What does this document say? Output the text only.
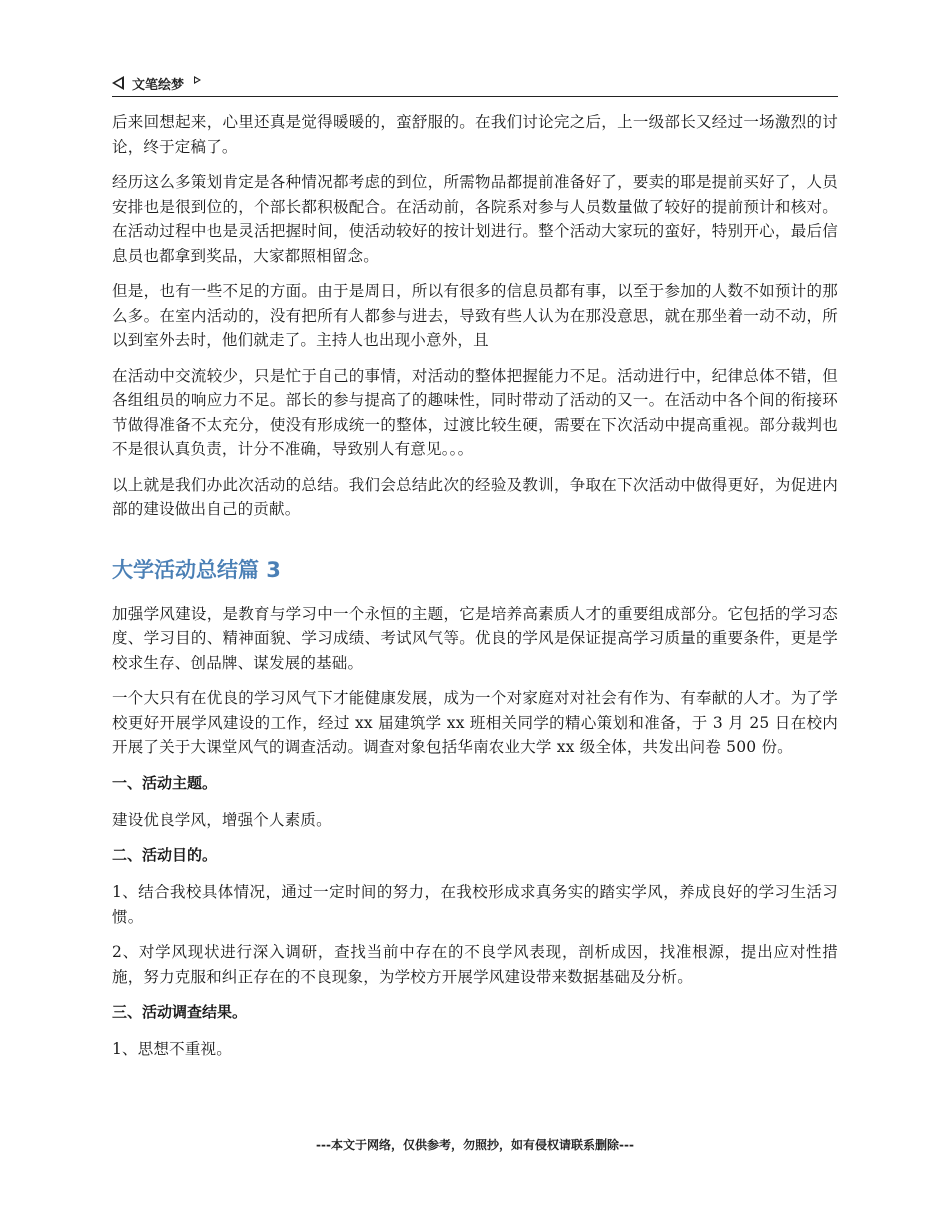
文笔绘梦

后来回想起来，心里还真是觉得暖暖的，蛮舒服的。在我们讨论完之后，上一级部长又经过一场激烈的讨论，终于定稿了。

经历这么多策划肯定是各种情况都考虑的到位，所需物品都提前准备好了，要卖的耶是提前买好了，人员安排也是很到位的，个部长都积极配合。在活动前，各院系对参与人员数量做了较好的提前预计和核对。在活动过程中也是灵活把握时间，使活动较好的按计划进行。整个活动大家玩的蛮好，特别开心，最后信息员也都拿到奖品，大家都照相留念。

但是，也有一些不足的方面。由于是周日，所以有很多的信息员都有事，以至于参加的人数不如预计的那么多。在室内活动的，没有把所有人都参与进去，导致有些人认为在那没意思，就在那坐着一动不动，所以到室外去时，他们就走了。主持人也出现小意外，且

在活动中交流较少，只是忙于自己的事情，对活动的整体把握能力不足。活动进行中，纪律总体不错，但各组组员的响应力不足。部长的参与提高了的趣味性，同时带动了活动的又一。在活动中各个间的衔接环节做得准备不太充分，使没有形成统一的整体，过渡比较生硬，需要在下次活动中提高重视。部分裁判也不是很认真负责，计分不准确，导致别人有意见。。。

以上就是我们办此次活动的总结。我们会总结此次的经验及教训，争取在下次活动中做得更好，为促进内部的建设做出自己的贡献。

大学活动总结篇 3

加强学风建设，是教育与学习中一个永恒的主题，它是培养高素质人才的重要组成部分。它包括的学习态度、学习目的、精神面貌、学习成绩、考试风气等。优良的学风是保证提高学习质量的重要条件，更是学校求生存、创品牌、谋发展的基础。

一个大只有在优良的学习风气下才能健康发展，成为一个对家庭对对社会有作为、有奉献的人才。为了学校更好开展学风建设的工作，经过 xx 届建筑学 xx 班相关同学的精心策划和准备，于 3 月 25 日在校内开展了关于大课堂风气的调查活动。调查对象包括华南农业大学 xx 级全体，共发出问卷 500 份。

一、活动主题。

建设优良学风，增强个人素质。

二、活动目的。

1、结合我校具体情况，通过一定时间的努力，在我校形成求真务实的踏实学风，养成良好的学习生活习惯。

2、对学风现状进行深入调研，查找当前中存在的不良学风表现，剖析成因，找准根源，提出应对性措施，努力克服和纠正存在的不良现象，为学校方开展学风建设带来数据基础及分析。

三、活动调查结果。

1、思想不重视。

---本文于网络，仅供参考，勿照抄，如有侵权请联系删除---
